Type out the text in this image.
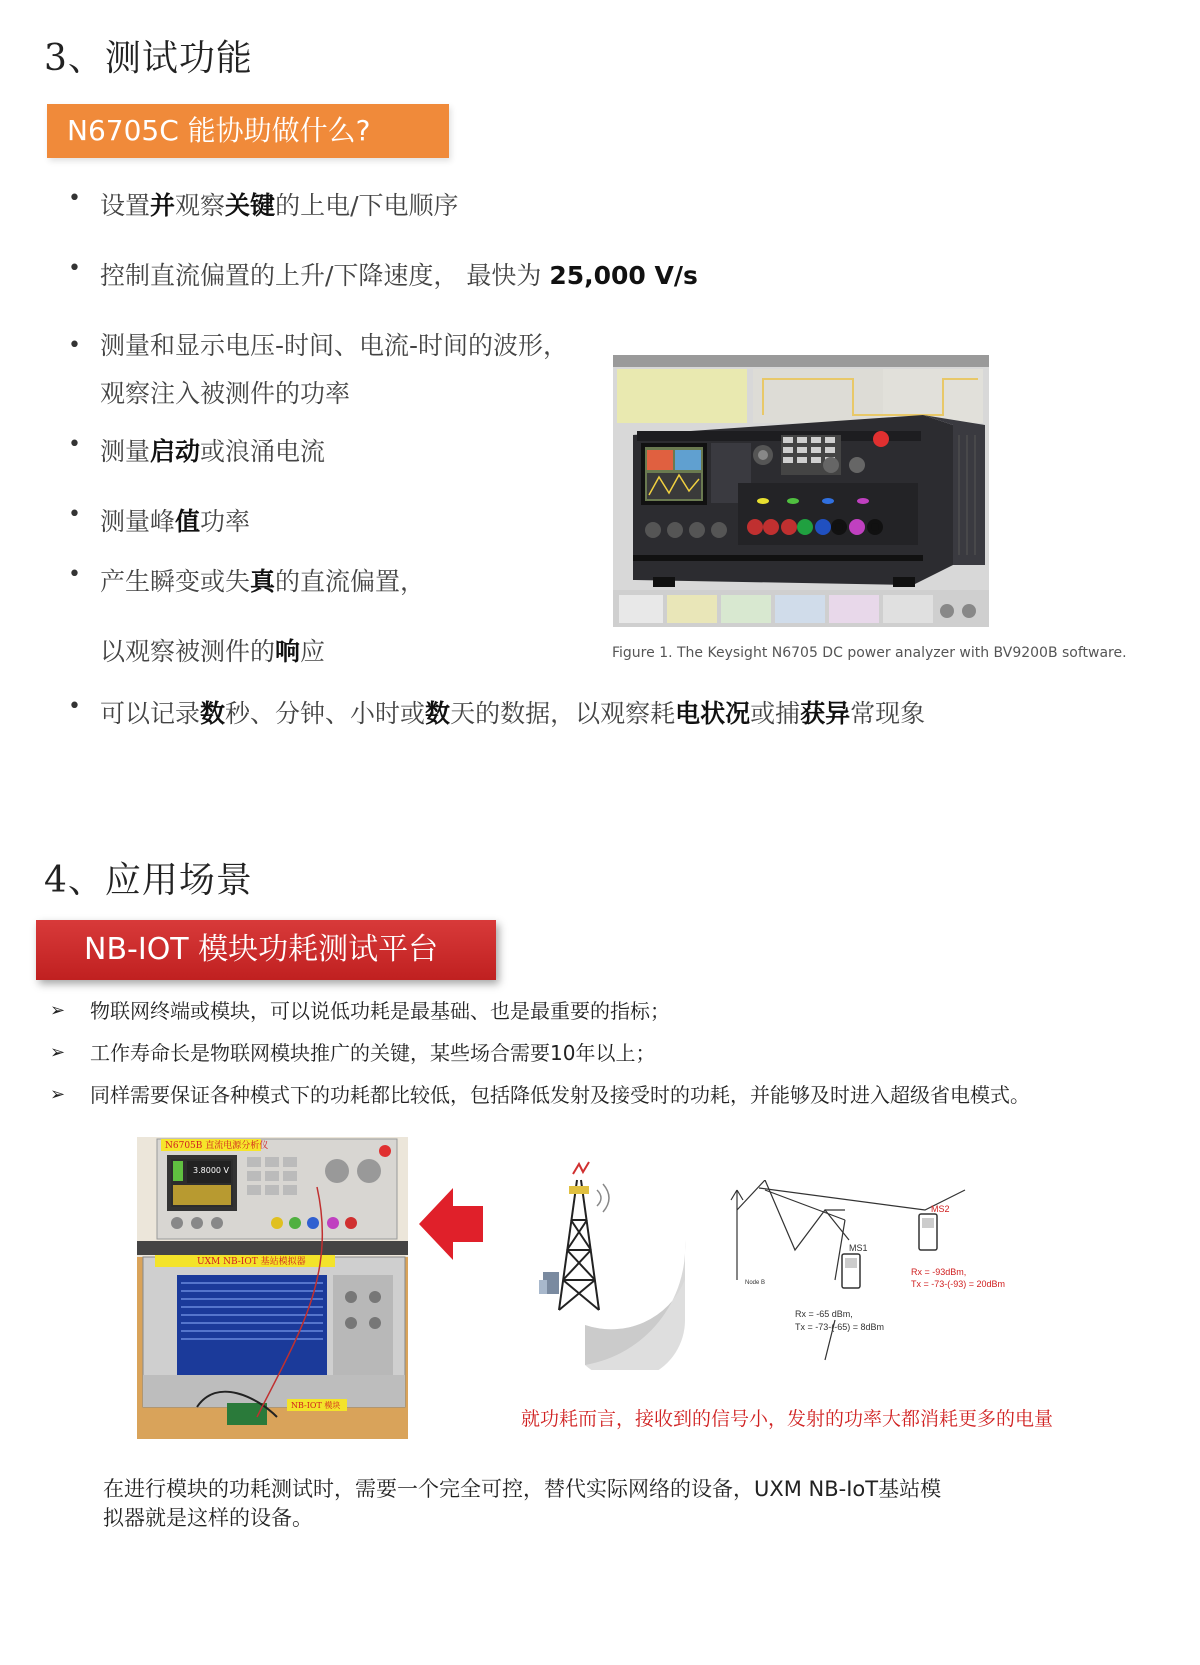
3、测试功能
N6705C 能协助做什么?
• 设置并观察关键的上电/下电顺序
• 控制直流偏置的上升/下降速度， 最快为 25,000 V/s
• 测量和显示电压-时间、电流-时间的波形，
观察注入被测件的功率
• 测量启动或浪涌电流
• 测量峰值功率
• 产生瞬变或失真的直流偏置，
以观察被测件的响应
• 可以记录数秒、分钟、小时或数天的数据，以观察耗电状况或捕获异常现象
Figure 1. The Keysight N6705 DC power analyzer with BV9200B software.
4、应用场景
NB-IOT 模块功耗测试平台
➢ 物联网终端或模块，可以说低功耗是最基础、也是最重要的指标；
➢ 工作寿命长是物联网模块推广的关键，某些场合需要10年以上；
➢ 同样需要保证各种模式下的功耗都比较低，包括降低发射及接受时的功耗，并能够及时进入超级省电模式。
N6705B 直流电源分析仪
3.8000 V
UXM NB-IOT 基站模拟器
NB-IOT 模块
MS1
MS2
Node B
Rx = -65 dBm,
Tx = -73-(-65) = 8dBm
Rx = -93dBm,
Tx = -73-(-93) = 20dBm
就功耗而言，接收到的信号小，发射的功率大都消耗更多的电量
在进行模块的功耗测试时，需要一个完全可控，替代实际网络的设备，UXM NB-IoT基站模
拟器就是这样的设备。
